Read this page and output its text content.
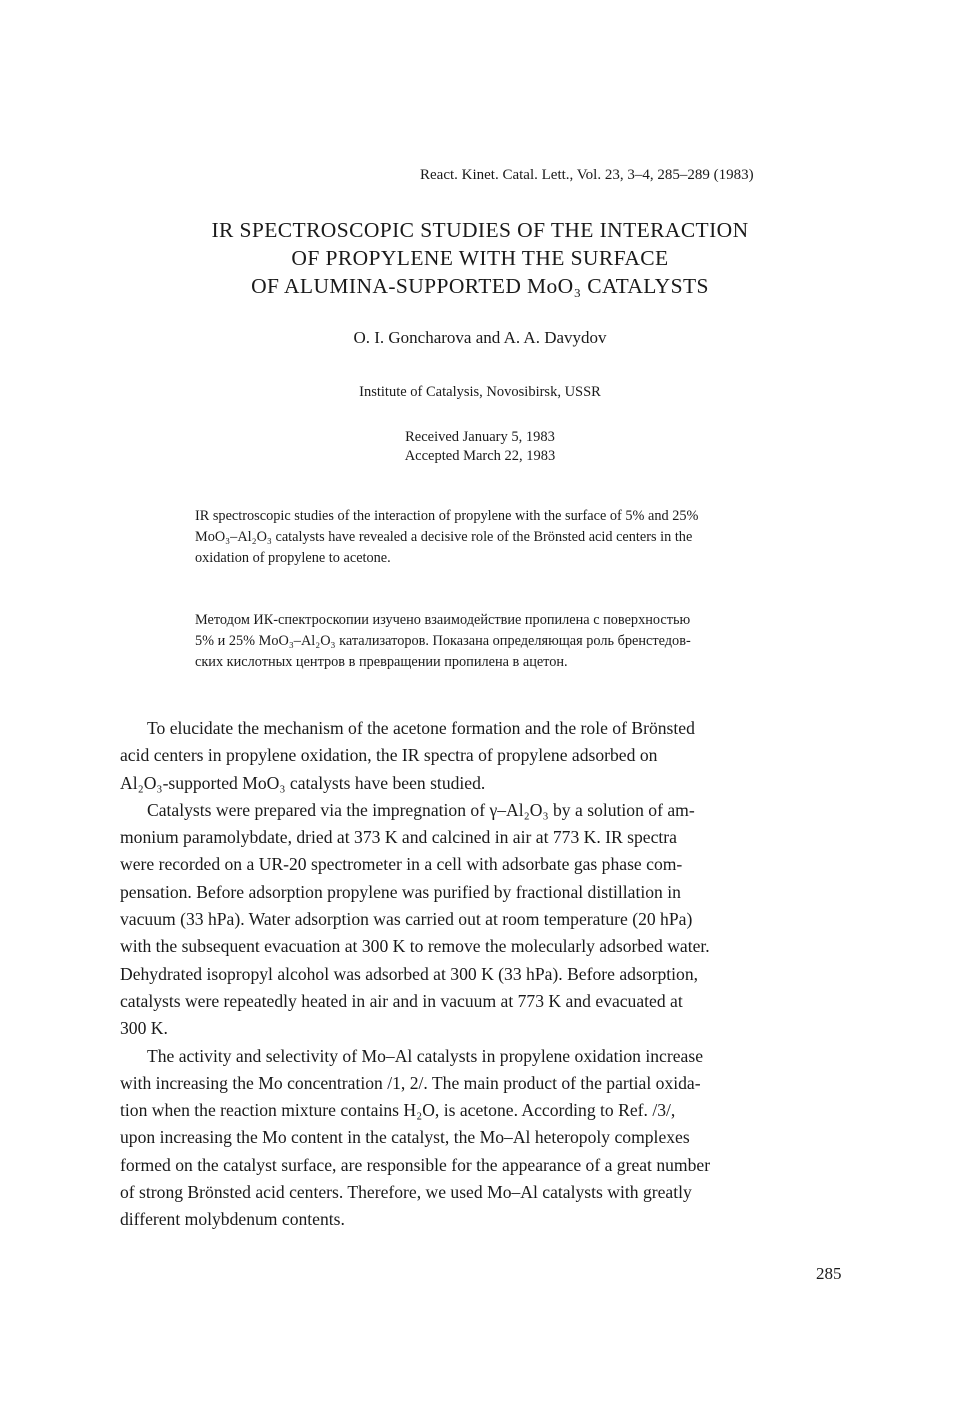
React. Kinet. Catal. Lett., Vol. 23, 3–4, 285–289 (1983)
IR SPECTROSCOPIC STUDIES OF THE INTERACTION
OF PROPYLENE WITH THE SURFACE
OF ALUMINA-SUPPORTED MoO₃ CATALYSTS
O. I. Goncharova and A. A. Davydov
Institute of Catalysis, Novosibirsk, USSR
Received January 5, 1983
Accepted March 22, 1983
IR spectroscopic studies of the interaction of propylene with the surface of 5% and 25%
MoO₃–Al₂O₃ catalysts have revealed a decisive role of the Brönsted acid centers in the
oxidation of propylene to acetone.
Методом ИК-спектроскопии изучено взаимодействие пропилена с поверхностью
5% и 25% MoO₃–Al₂O₃ катализаторов. Показана определяющая роль бренстедов-
ских кислотных центров в превращении пропилена в ацетон.
To elucidate the mechanism of the acetone formation and the role of Brönsted
acid centers in propylene oxidation, the IR spectra of propylene adsorbed on
Al₂O₃-supported MoO₃ catalysts have been studied.
Catalysts were prepared via the impregnation of γ–Al₂O₃ by a solution of am-
monium paramolybdate, dried at 373 K and calcined in air at 773 K. IR spectra
were recorded on a UR-20 spectrometer in a cell with adsorbate gas phase com-
pensation. Before adsorption propylene was purified by fractional distillation in
vacuum (33 hPa). Water adsorption was carried out at room temperature (20 hPa)
with the subsequent evacuation at 300 K to remove the molecularly adsorbed water.
Dehydrated isopropyl alcohol was adsorbed at 300 K (33 hPa). Before adsorption,
catalysts were repeatedly heated in air and in vacuum at 773 K and evacuated at
300 K.
The activity and selectivity of Mo–Al catalysts in propylene oxidation increase
with increasing the Mo concentration /1, 2/. The main product of the partial oxida-
tion when the reaction mixture contains H₂O, is acetone. According to Ref. /3/,
upon increasing the Mo content in the catalyst, the Mo–Al heteropoly complexes
formed on the catalyst surface, are responsible for the appearance of a great number
of strong Brönsted acid centers. Therefore, we used Mo–Al catalysts with greatly
different molybdenum contents.
285
